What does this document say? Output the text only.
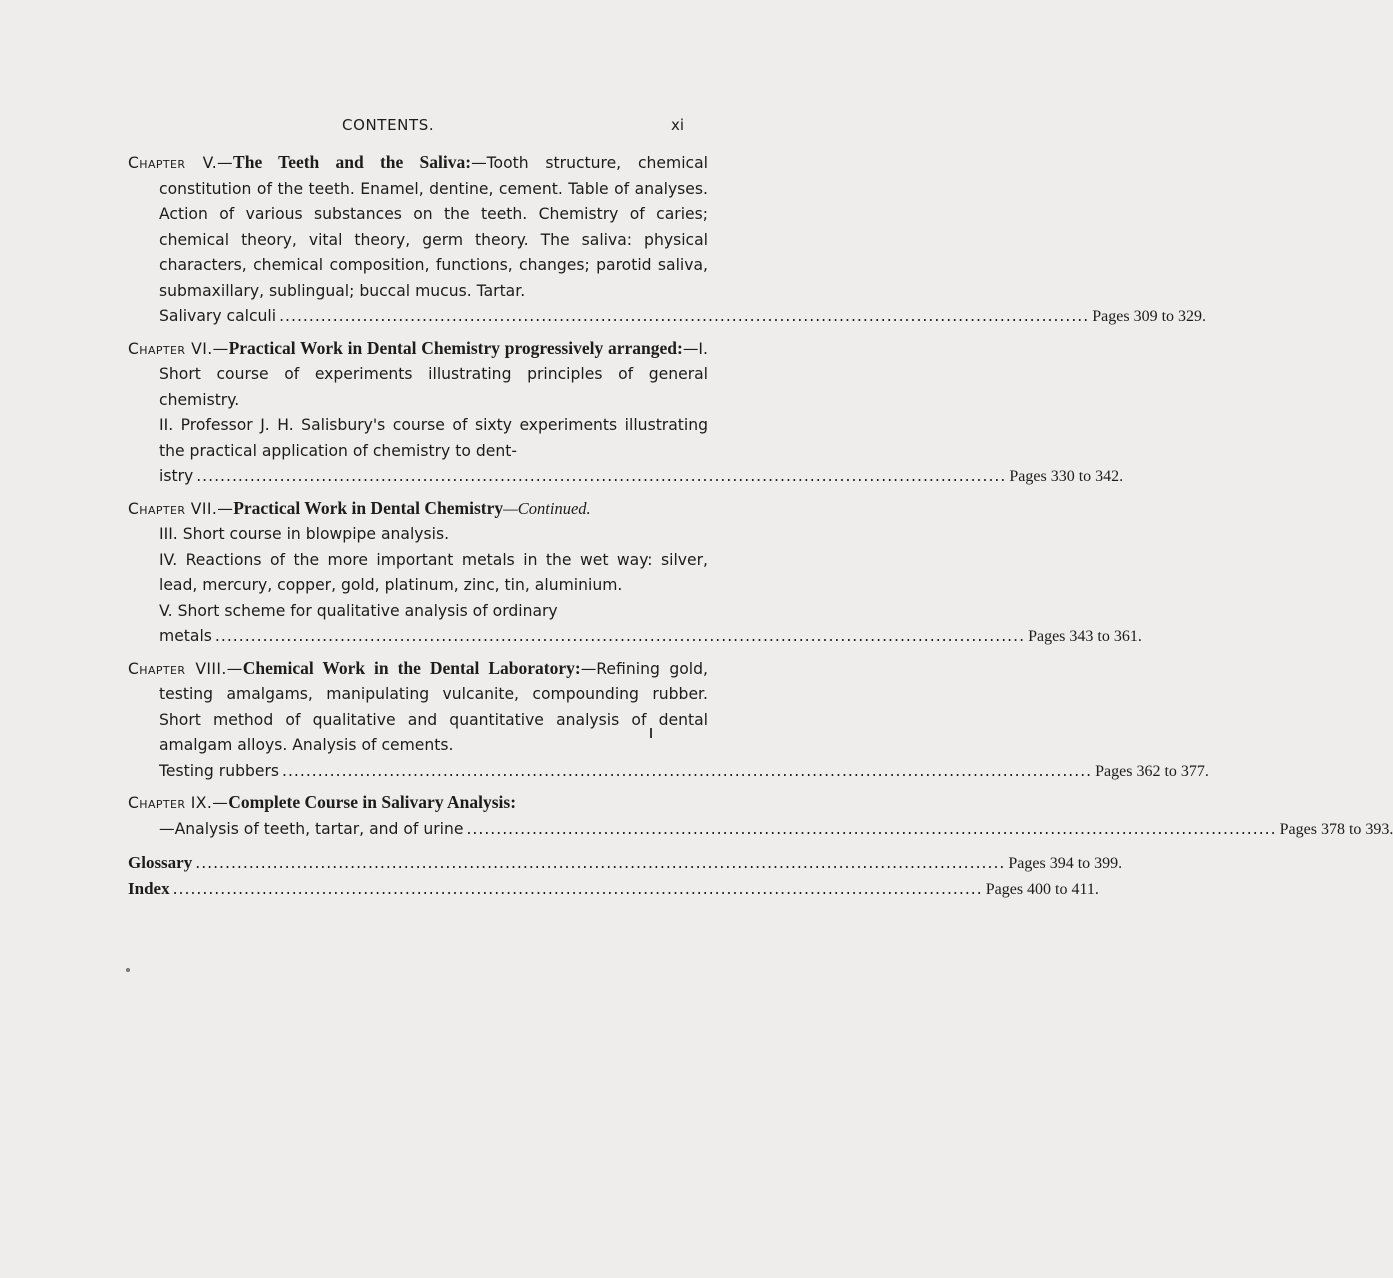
CONTENTS.	xi

Chapter V.—The Teeth and the Saliva:—Tooth structure, chemical constitution of the teeth. Enamel, dentine, cement. Table of analyses. Action of various substances on the teeth. Chemistry of caries; chemical theory, vital theory, germ theory. The saliva: physical characters, chemical composition, functions, changes; parotid saliva, submaxillary, sublingual; buccal mucus. Tartar.
Salivary calculi ........................................................................................................................................ Pages 309 to 329.

Chapter VI.—Practical Work in Dental Chemistry progressively arranged:—I. Short course of experiments illustrating principles of general chemistry.
II. Professor J. H. Salisbury's course of sixty experiments illustrating the practical application of chemistry to dent-
istry ........................................................................................................................................ Pages 330 to 342.

Chapter VII.—Practical Work in Dental Chemistry—Continued.
III. Short course in blowpipe analysis.
IV. Reactions of the more important metals in the wet way: silver, lead, mercury, copper, gold, platinum, zinc, tin, aluminium.
V. Short scheme for qualitative analysis of ordinary
metals ........................................................................................................................................ Pages 343 to 361.

Chapter VIII.—Chemical Work in the Dental Laboratory:—Refining gold, testing amalgams, manipulating vulcanite, compounding rubber. Short method of qualitative and quantitative analysis of dental amalgam alloys. Analysis of cements.
Testing rubbers ........................................................................................................................................ Pages 362 to 377.

Chapter IX.—Complete Course in Salivary Analysis:
—Analysis of teeth, tartar, and of urine ........................................................................................................................................ Pages 378 to 393.

Glossary ........................................................................................................................................ Pages 394 to 399.
Index ........................................................................................................................................ Pages 400 to 411.
